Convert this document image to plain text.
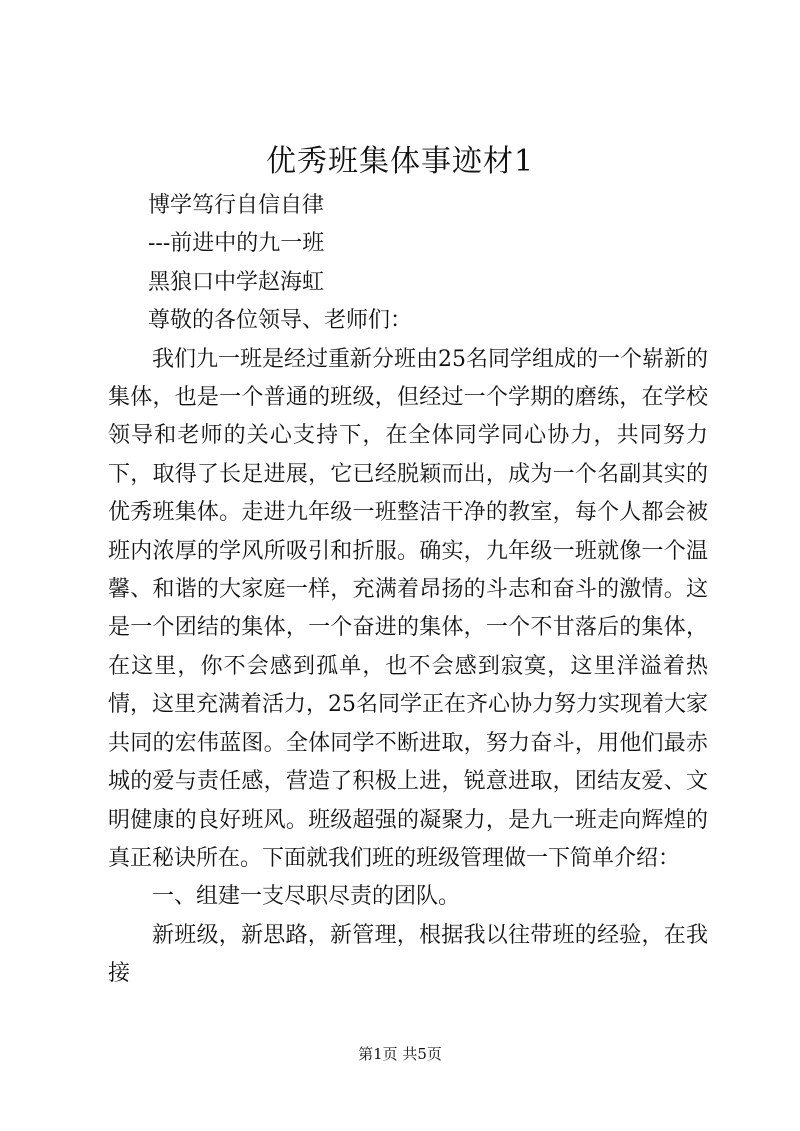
优秀班集体事迹材1

博学笃行自信自律

---前进中的九一班

黑狼口中学赵海虹

尊敬的各位领导、老师们：

我们九一班是经过重新分班由25名同学组成的一个崭新的集体，也是一个普通的班级，但经过一个学期的磨练，在学校领导和老师的关心支持下，在全体同学同心协力，共同努力下，取得了长足进展，它已经脱颖而出，成为一个名副其实的优秀班集体。走进九年级一班整洁干净的教室，每个人都会被班内浓厚的学风所吸引和折服。确实，九年级一班就像一个温馨、和谐的大家庭一样，充满着昂扬的斗志和奋斗的激情。这是一个团结的集体，一个奋进的集体，一个不甘落后的集体，在这里，你不会感到孤单，也不会感到寂寞，这里洋溢着热情，这里充满着活力，25名同学正在齐心协力努力实现着大家共同的宏伟蓝图。全体同学不断进取，努力奋斗，用他们最赤城的爱与责任感，营造了积极上进，锐意进取，团结友爱、文明健康的良好班风。班级超强的凝聚力，是九一班走向辉煌的真正秘诀所在。下面就我们班的班级管理做一下简单介绍：

一、组建一支尽职尽责的团队。

新班级，新思路，新管理，根据我以往带班的经验，在我接

第1页 共5页
